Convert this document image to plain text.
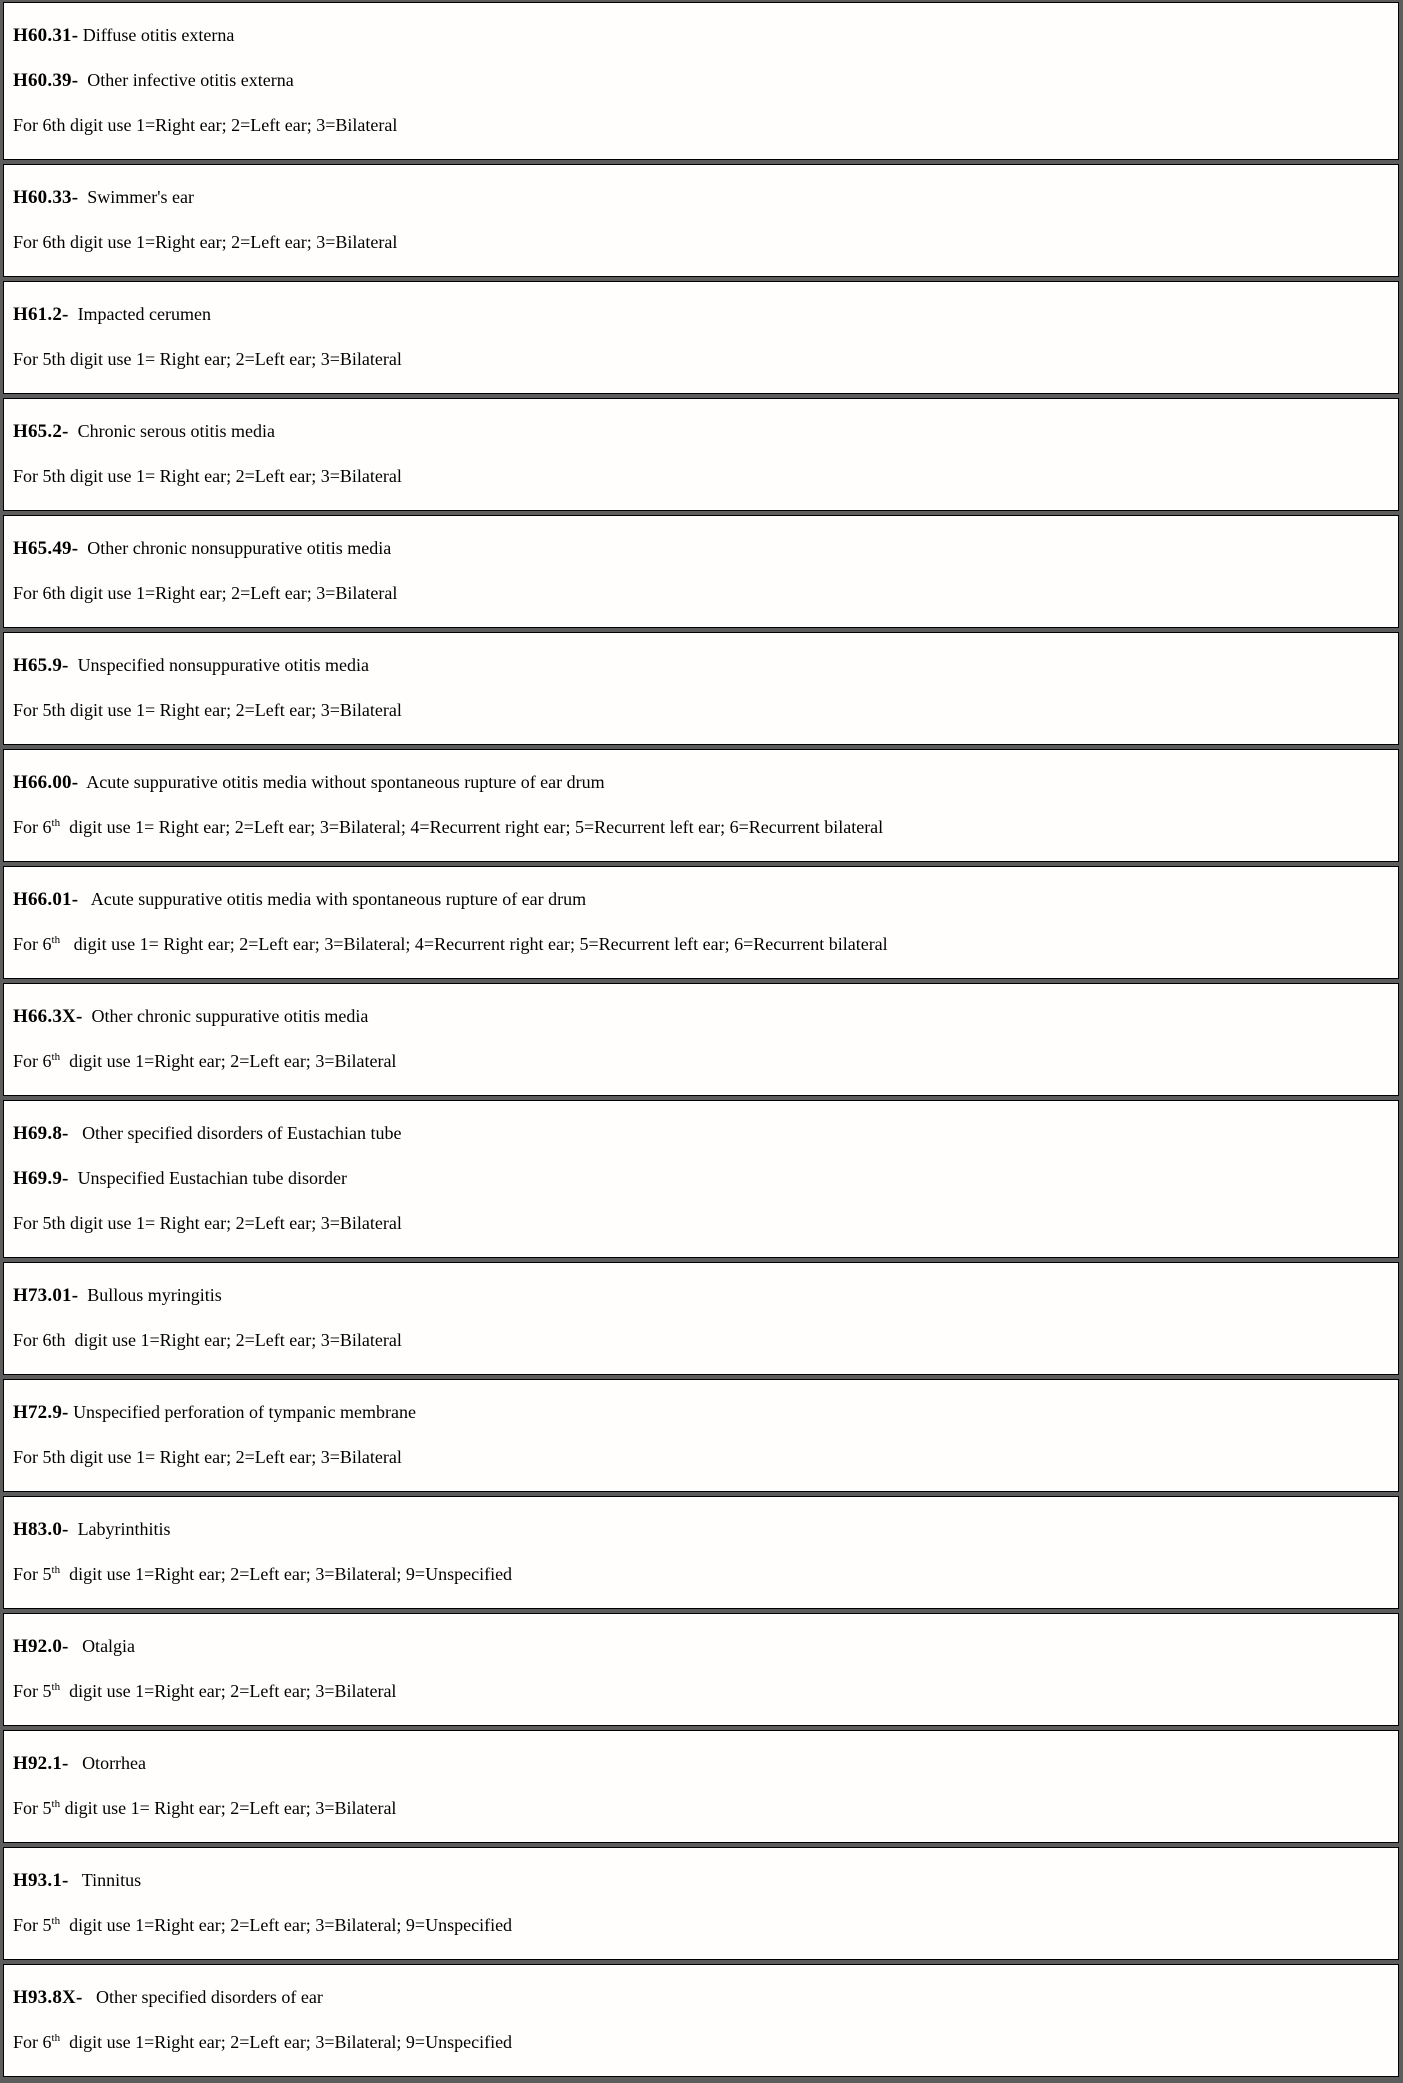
H60.31- Diffuse otitis externa

H60.39-  Other infective otitis externa

For 6th digit use 1=Right ear; 2=Left ear; 3=Bilateral

H60.33-  Swimmer's ear

For 6th digit use 1=Right ear; 2=Left ear; 3=Bilateral

H61.2-  Impacted cerumen

For 5th digit use 1= Right ear; 2=Left ear; 3=Bilateral

H65.2-  Chronic serous otitis media

For 5th digit use 1= Right ear; 2=Left ear; 3=Bilateral

H65.49-  Other chronic nonsuppurative otitis media

For 6th digit use 1=Right ear; 2=Left ear; 3=Bilateral

H65.9-  Unspecified nonsuppurative otitis media

For 5th digit use 1= Right ear; 2=Left ear; 3=Bilateral

H66.00-  Acute suppurative otitis media without spontaneous rupture of ear drum

For 6th  digit use 1= Right ear; 2=Left ear; 3=Bilateral; 4=Recurrent right ear; 5=Recurrent left ear; 6=Recurrent bilateral

H66.01-   Acute suppurative otitis media with spontaneous rupture of ear drum

For 6th   digit use 1= Right ear; 2=Left ear; 3=Bilateral; 4=Recurrent right ear; 5=Recurrent left ear; 6=Recurrent bilateral

H66.3X-  Other chronic suppurative otitis media

For 6th  digit use 1=Right ear; 2=Left ear; 3=Bilateral

H69.8-   Other specified disorders of Eustachian tube

H69.9-  Unspecified Eustachian tube disorder

For 5th digit use 1= Right ear; 2=Left ear; 3=Bilateral

H73.01-  Bullous myringitis

For 6th  digit use 1=Right ear; 2=Left ear; 3=Bilateral

H72.9- Unspecified perforation of tympanic membrane

For 5th digit use 1= Right ear; 2=Left ear; 3=Bilateral

H83.0-  Labyrinthitis

For 5th  digit use 1=Right ear; 2=Left ear; 3=Bilateral; 9=Unspecified

H92.0-   Otalgia

For 5th  digit use 1=Right ear; 2=Left ear; 3=Bilateral

H92.1-   Otorrhea

For 5th digit use 1= Right ear; 2=Left ear; 3=Bilateral

H93.1-   Tinnitus

For 5th  digit use 1=Right ear; 2=Left ear; 3=Bilateral; 9=Unspecified

H93.8X-   Other specified disorders of ear

For 6th  digit use 1=Right ear; 2=Left ear; 3=Bilateral; 9=Unspecified
